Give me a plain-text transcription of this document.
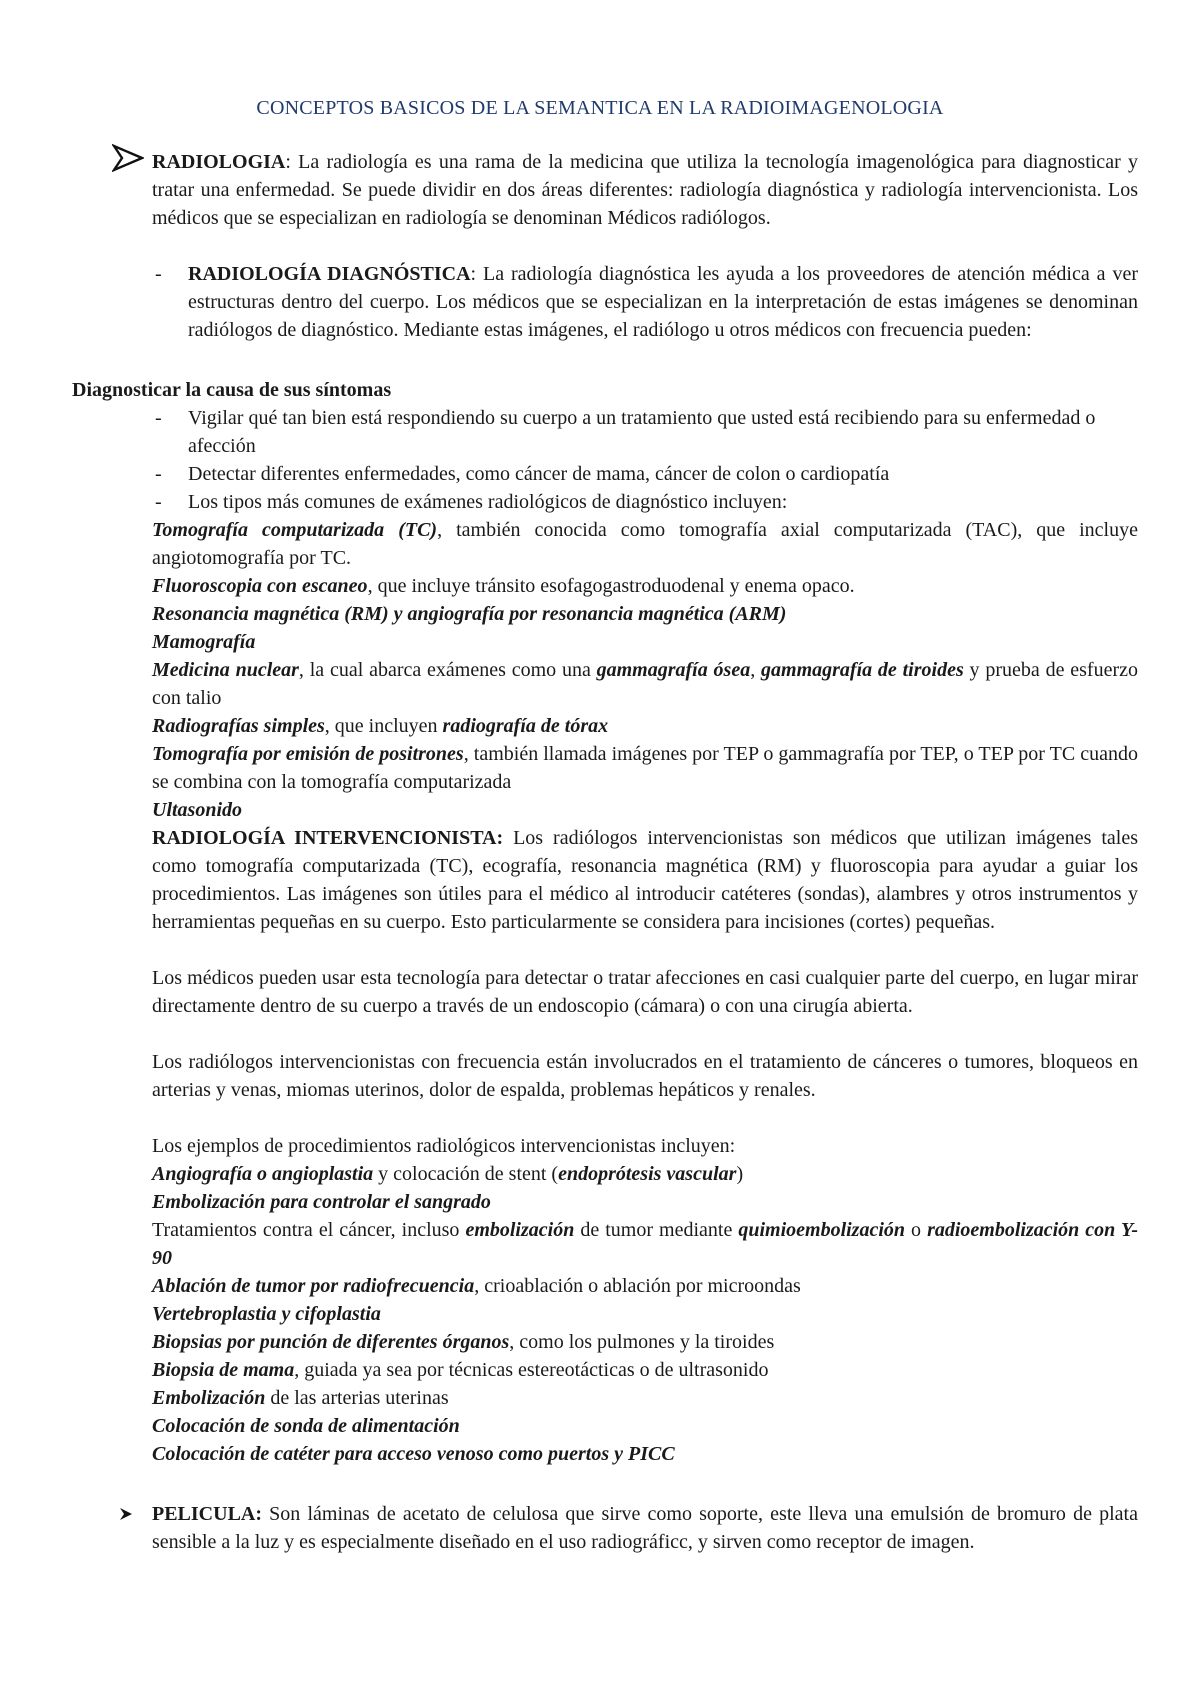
CONCEPTOS BASICOS DE LA SEMANTICA EN LA RADIOIMAGENOLOGIA
RADIOLOGIA: La radiología es una rama de la medicina que utiliza la tecnología imagenológica para diagnosticar y tratar una enfermedad. Se puede dividir en dos áreas diferentes: radiología diagnóstica y radiología intervencionista. Los médicos que se especializan en radiología se denominan Médicos radiólogos.
- RADIOLOGÍA DIAGNÓSTICA: La radiología diagnóstica les ayuda a los proveedores de atención médica a ver estructuras dentro del cuerpo. Los médicos que se especializan en la interpretación de estas imágenes se denominan radiólogos de diagnóstico. Mediante estas imágenes, el radiólogo u otros médicos con frecuencia pueden:
Diagnosticar la causa de sus síntomas
- Vigilar qué tan bien está respondiendo su cuerpo a un tratamiento que usted está recibiendo para su enfermedad o afección
- Detectar diferentes enfermedades, como cáncer de mama, cáncer de colon o cardiopatía
- Los tipos más comunes de exámenes radiológicos de diagnóstico incluyen:
Tomografía computarizada (TC), también conocida como tomografía axial computarizada (TAC), que incluye angiotomografía por TC.
Fluoroscopia con escaneo, que incluye tránsito esofagogastroduodenal y enema opaco.
Resonancia magnética (RM) y angiografía por resonancia magnética (ARM)
Mamografía
Medicina nuclear, la cual abarca exámenes como una gammagrafía ósea, gammagrafía de tiroides y prueba de esfuerzo con talio
Radiografías simples, que incluyen radiografía de tórax
Tomografía por emisión de positrones, también llamada imágenes por TEP o gammagrafía por TEP, o TEP por TC cuando se combina con la tomografía computarizada
Ultasonido
RADIOLOGÍA INTERVENCIONISTA: Los radiólogos intervencionistas son médicos que utilizan imágenes tales como tomografía computarizada (TC), ecografía, resonancia magnética (RM) y fluoroscopia para ayudar a guiar los procedimientos. Las imágenes son útiles para el médico al introducir catéteres (sondas), alambres y otros instrumentos y herramientas pequeñas en su cuerpo. Esto particularmente se considera para incisiones (cortes) pequeñas.
Los médicos pueden usar esta tecnología para detectar o tratar afecciones en casi cualquier parte del cuerpo, en lugar mirar directamente dentro de su cuerpo a través de un endoscopio (cámara) o con una cirugía abierta.
Los radiólogos intervencionistas con frecuencia están involucrados en el tratamiento de cánceres o tumores, bloqueos en arterias y venas, miomas uterinos, dolor de espalda, problemas hepáticos y renales.
Los ejemplos de procedimientos radiológicos intervencionistas incluyen:
Angiografía o angioplastia y colocación de stent (endoprótesis vascular)
Embolización para controlar el sangrado
Tratamientos contra el cáncer, incluso embolización de tumor mediante quimioembolización o radioembolización con Y-90
Ablación de tumor por radiofrecuencia, crioablación o ablación por microondas
Vertebroplastia y cifoplastia
Biopsias por punción de diferentes órganos, como los pulmones y la tiroides
Biopsia de mama, guiada ya sea por técnicas estereotácticas o de ultrasonido
Embolización de las arterias uterinas
Colocación de sonda de alimentación
Colocación de catéter para acceso venoso como puertos y PICC
PELICULA: Son láminas de acetato de celulosa que sirve como soporte, este lleva una emulsión de bromuro de plata sensible a la luz y es especialmente diseñado en el uso radiográficc, y sirven como receptor de imagen.
